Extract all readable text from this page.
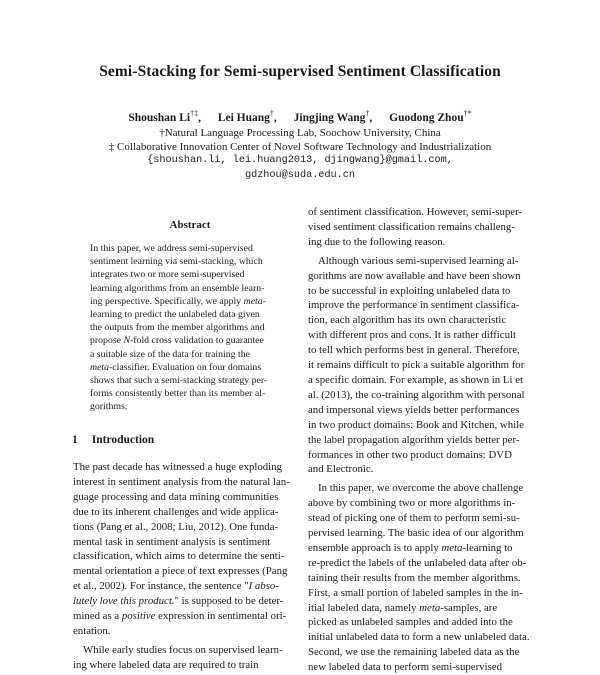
Semi-Stacking for Semi-supervised Sentiment Classification
Shoushan Li†‡, Lei Huang†, Jingjing Wang†, Guodong Zhou†*
†Natural Language Processing Lab, Soochow University, China
‡ Collaborative Innovation Center of Novel Software Technology and Industrialization
{shoushan.li, lei.huang2013, djingwang}@gmail.com,
gdzhou@suda.edu.cn
Abstract
In this paper, we address semi-supervised
sentiment learning via semi-stacking, which
integrates two or more semi-supervised
learning algorithms from an ensemble learn-
ing perspective. Specifically, we apply meta-
learning to predict the unlabeled data given
the outputs from the member algorithms and
propose N-fold cross validation to guarantee
a suitable size of the data for training the
meta-classifier. Evaluation on four domains
shows that such a semi-stacking strategy per-
forms consistently better than its member al-
gorithms.
1 Introduction
The past decade has witnessed a huge exploding
interest in sentiment analysis from the natural lan-
guage processing and data mining communities
due to its inherent challenges and wide applica-
tions (Pang et al., 2008; Liu, 2012). One funda-
mental task in sentiment analysis is sentiment
classification, which aims to determine the senti-
mental orientation a piece of text expresses (Pang
et al., 2002). For instance, the sentence "I abso-
lutely love this product." is supposed to be deter-
mined as a positive expression in sentimental ori-
entation.
While early studies focus on supervised learn-
ing where labeled data are required to train
of sentiment classification. However, semi-super-
vised sentiment classification remains challeng-
ing due to the following reason.
Although various semi-supervised learning al-
gorithms are now available and have been shown
to be successful in exploiting unlabeled data to
improve the performance in sentiment classifica-
tion, each algorithm has its own characteristic
with different pros and cons. It is rather difficult
to tell which performs best in general. Therefore,
it remains difficult to pick a suitable algorithm for
a specific domain. For example, as shown in Li et
al. (2013), the co-training algorithm with personal
and impersonal views yields better performances
in two product domains: Book and Kitchen, while
the label propagation algorithm yields better per-
formances in other two product domains: DVD
and Electronic.
In this paper, we overcome the above challenge
above by combining two or more algorithms in-
stead of picking one of them to perform semi-su-
pervised learning. The basic idea of our algorithm
ensemble approach is to apply meta-learning to
re-predict the labels of the unlabeled data after ob-
taining their results from the member algorithms.
First, a small portion of labeled samples in the in-
itial labeled data, namely meta-samples, are
picked as unlabeled samples and added into the
initial unlabeled data to form a new unlabeled data.
Second, we use the remaining labeled data as the
new labeled data to perform semi-supervised
